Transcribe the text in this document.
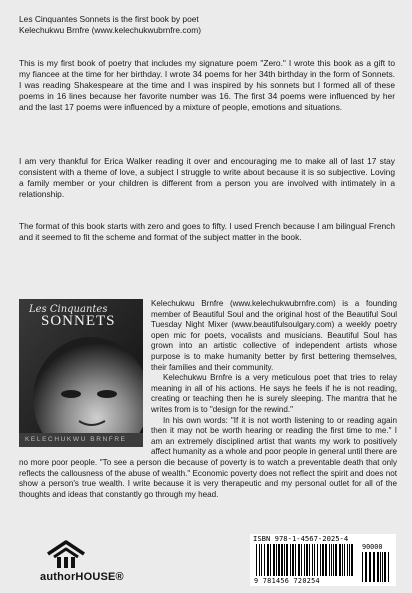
Les Cinquantes Sonnets is the first book by poet
Kelechukwu Brnfre (www.kelechukwubrnfre.com)

This is my first book of poetry that includes my signature poem "Zero." I wrote this book as a gift to my fiancee at the time for her birthday. I wrote 34 poems for her 34th birthday in the form of Sonnets. I was reading Shakespeare at the time and I was inspired by his sonnets but I formed all of these poems in 16 lines because her favorite number was 16. The first 34 poems were influenced by her and the last 17 poems were influenced by a mixture of people, emotions and situations.

I am very thankful for Erica Walker reading it over and encouraging me to make all of last 17 stay consistent with a theme of love, a subject I struggle to write about because it is so subjective. Loving a family member or your children is different from a person you are involved with intimately in a relationship.

The format of this book starts with zero and goes to fifty. I used French because I am bilingual French and it seemed to fit the scheme and format of the subject matter in the book.

Les Cinquantes
SONNETS
KELECHUKWU BRNFRE

Kelechukwu Brnfre (www.kelechukwubrnfre.com) is a founding member of Beautiful Soul and the original host of the Beautiful Soul Tuesday Night Mixer (www.beautifulsoulgary.com) a weekly poetry open mic for poets, vocalists and musicians. Beautiful Soul has grown into an artistic collective of independent artists whose purpose is to make humanity better by first bettering themselves, their families and their community.

Kelechukwu Brnfre is a very meticulous poet that tries to relay meaning in all of his actions. He says he feels if he is not reading, creating or teaching then he is surely sleeping. The mantra that he writes from is to "design for the rewind."

In his own words: "If it is not worth listening to or reading again then it may not be worth hearing or reading the first time to me." I am an extremely disciplined artist that wants my work to positively affect humanity as a whole and poor people in general until there are no more poor people. "To see a person die because of poverty is to watch a preventable death that only reflects the callousness of the abuse of wealth." Economic poverty does not reflect the spirit and does not show a person's true wealth. I write because it is very therapeutic and my personal outlet for all of the thoughts and ideas that constantly go through my head.

authorHOUSE®
ISBN 978-1-4567-2025-4
90000
9 781456 720254
